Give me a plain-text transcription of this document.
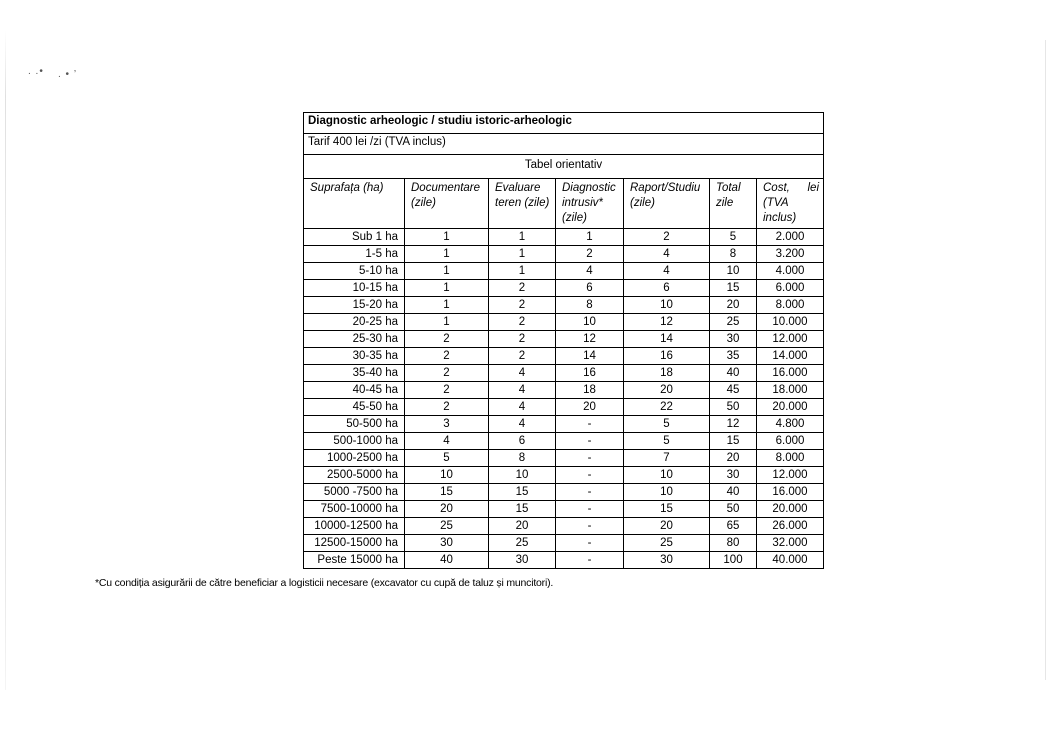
. .• . • ’
Diagnostic arheologic / studiu istoric-arheologic						
Tarif 400 lei /zi (TVA inclus)						
Tabel orientativ						
Suprafața (ha)	Documentare (zile)	Evaluare teren (zile)	Diagnostic intrusiv* (zile)	Raport/Studiu (zile)	Total zile	Cost, lei (TVA inclus)
Sub 1 ha	1	1	1	2	5	2.000
1-5 ha	1	1	2	4	8	3.200
5-10 ha	1	1	4	4	10	4.000
10-15 ha	1	2	6	6	15	6.000
15-20 ha	1	2	8	10	20	8.000
20-25 ha	1	2	10	12	25	10.000
25-30 ha	2	2	12	14	30	12.000
30-35 ha	2	2	14	16	35	14.000
35-40 ha	2	4	16	18	40	16.000
40-45 ha	2	4	18	20	45	18.000
45-50 ha	2	4	20	22	50	20.000
50-500 ha	3	4	-	5	12	4.800
500-1000 ha	4	6	-	5	15	6.000
1000-2500 ha	5	8	-	7	20	8.000
2500-5000 ha	10	10	-	10	30	12.000
5000 -7500 ha	15	15	-	10	40	16.000
7500-10000 ha	20	15	-	15	50	20.000
10000-12500 ha	25	20	-	20	65	26.000
12500-15000 ha	30	25	-	25	80	32.000
Peste 15000 ha	40	30	-	30	100	40.000
*Cu condiția asigurării de către beneficiar a logisticii necesare (excavator cu cupă de taluz și muncitori).
